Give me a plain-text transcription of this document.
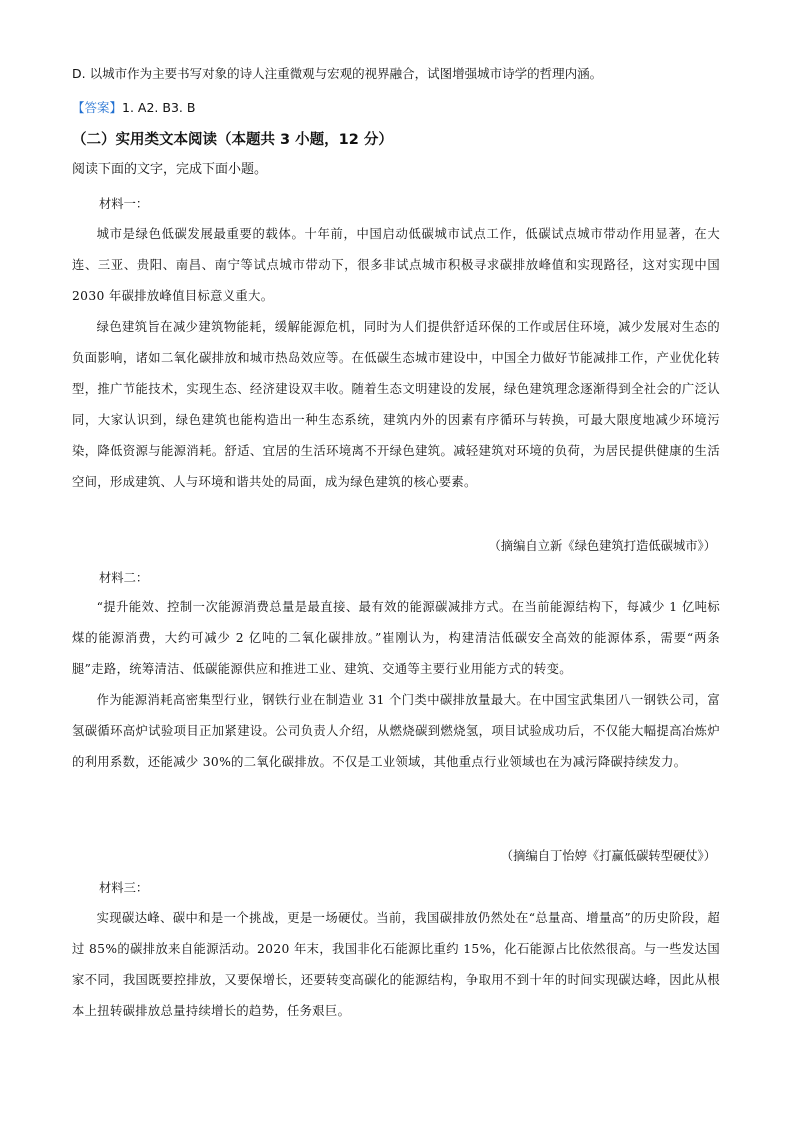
D. 以城市作为主要书写对象的诗人注重微观与宏观的视界融合，试图增强城市诗学的哲理内涵。
【答案】1. A2. B3. B
（二）实用类文本阅读（本题共 3 小题，12 分）
阅读下面的文字，完成下面小题。
材料一：

城市是绿色低碳发展最重要的载体。十年前，中国启动低碳城市试点工作，低碳试点城市带动作用显著，在大连、三亚、贵阳、南昌、南宁等试点城市带动下，很多非试点城市积极寻求碳排放峰值和实现路径，这对实现中国 2030 年碳排放峰值目标意义重大。

绿色建筑旨在减少建筑物能耗，缓解能源危机，同时为人们提供舒适环保的工作或居住环境，减少发展对生态的负面影响，诸如二氧化碳排放和城市热岛效应等。在低碳生态城市建设中，中国全力做好节能减排工作，产业优化转型，推广节能技术，实现生态、经济建设双丰收。随着生态文明建设的发展，绿色建筑理念逐渐得到全社会的广泛认同，大家认识到，绿色建筑也能构造出一种生态系统，建筑内外的因素有序循环与转换，可最大限度地减少环境污染，降低资源与能源消耗。舒适、宜居的生活环境离不开绿色建筑。减轻建筑对环境的负荷，为居民提供健康的生活空间，形成建筑、人与环境和谐共处的局面，成为绿色建筑的核心要素。

（摘编自立新《绿色建筑打造低碳城市》）
材料二：

“提升能效、控制一次能源消费总量是最直接、最有效的能源碳减排方式。在当前能源结构下，每减少 1 亿吨标煤的能源消费，大约可减少 2 亿吨的二氧化碳排放。”崔刚认为，构建清洁低碳安全高效的能源体系，需要“两条腿”走路，统筹清洁、低碳能源供应和推进工业、建筑、交通等主要行业用能方式的转变。

作为能源消耗高密集型行业，钢铁行业在制造业 31 个门类中碳排放量最大。在中国宝武集团八一钢铁公司，富氢碳循环高炉试验项目正加紧建设。公司负责人介绍，从燃烧碳到燃烧氢，项目试验成功后，不仅能大幅提高冶炼炉的利用系数，还能减少 30%的二氧化碳排放。不仅是工业领域，其他重点行业领域也在为减污降碳持续发力。

（摘编自丁怡婷《打赢低碳转型硬仗》）
材料三：

实现碳达峰、碳中和是一个挑战，更是一场硬仗。当前，我国碳排放仍然处在“总量高、增量高”的历史阶段，超过 85%的碳排放来自能源活动。2020 年末，我国非化石能源比重约 15%，化石能源占比依然很高。与一些发达国家不同，我国既要控排放，又要保增长，还要转变高碳化的能源结构，争取用不到十年的时间实现碳达峰，因此从根本上扭转碳排放总量持续增长的趋势，任务艰巨。
